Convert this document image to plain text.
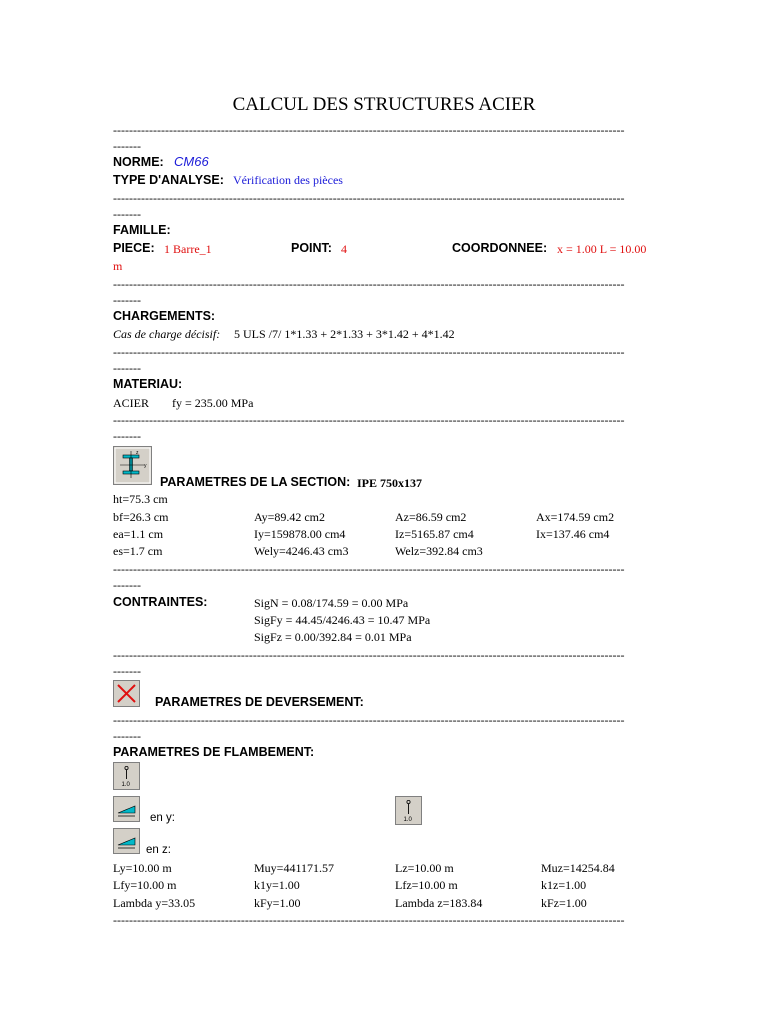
CALCUL DES STRUCTURES ACIER
--------------------------------------------------------------------------------------------------------------------------------
-------
NORME: CM66
TYPE D'ANALYSE: Vérification des pièces
--------------------------------------------------------------------------------------------------------------------------------
-------
FAMILLE:
PIECE: 1 Barre_1	POINT: 4	COORDONNEE: x = 1.00 L = 10.00
m
--------------------------------------------------------------------------------------------------------------------------------
-------
CHARGEMENTS:
Cas de charge décisif: 5 ULS /7/ 1*1.33 + 2*1.33 + 3*1.42 + 4*1.42
--------------------------------------------------------------------------------------------------------------------------------
-------
MATERIAU:
ACIER fy = 235.00 MPa
--------------------------------------------------------------------------------------------------------------------------------
-------
z
y
PARAMETRES DE LA SECTION: IPE 750x137
ht=75.3 cm
bf=26.3 cm	Ay=89.42 cm2	Az=86.59 cm2	Ax=174.59 cm2
ea=1.1 cm	Iy=159878.00 cm4	Iz=5165.87 cm4	Ix=137.46 cm4
es=1.7 cm	Wely=4246.43 cm3	Welz=392.84 cm3
--------------------------------------------------------------------------------------------------------------------------------
-------
CONTRAINTES:	SigN = 0.08/174.59 = 0.00 MPa
SigFy = 44.45/4246.43 = 10.47 MPa
SigFz = 0.00/392.84 = 0.01 MPa
--------------------------------------------------------------------------------------------------------------------------------
-------
PARAMETRES DE DEVERSEMENT:
--------------------------------------------------------------------------------------------------------------------------------
-------
PARAMETRES DE FLAMBEMENT:
1.0
en y:	1.0
en z:
Ly=10.00 m	Muy=441171.57	Lz=10.00 m	Muz=14254.84
Lfy=10.00 m	k1y=1.00	Lfz=10.00 m	k1z=1.00
Lambda y=33.05	kFy=1.00	Lambda z=183.84	kFz=1.00
--------------------------------------------------------------------------------------------------------------------------------
